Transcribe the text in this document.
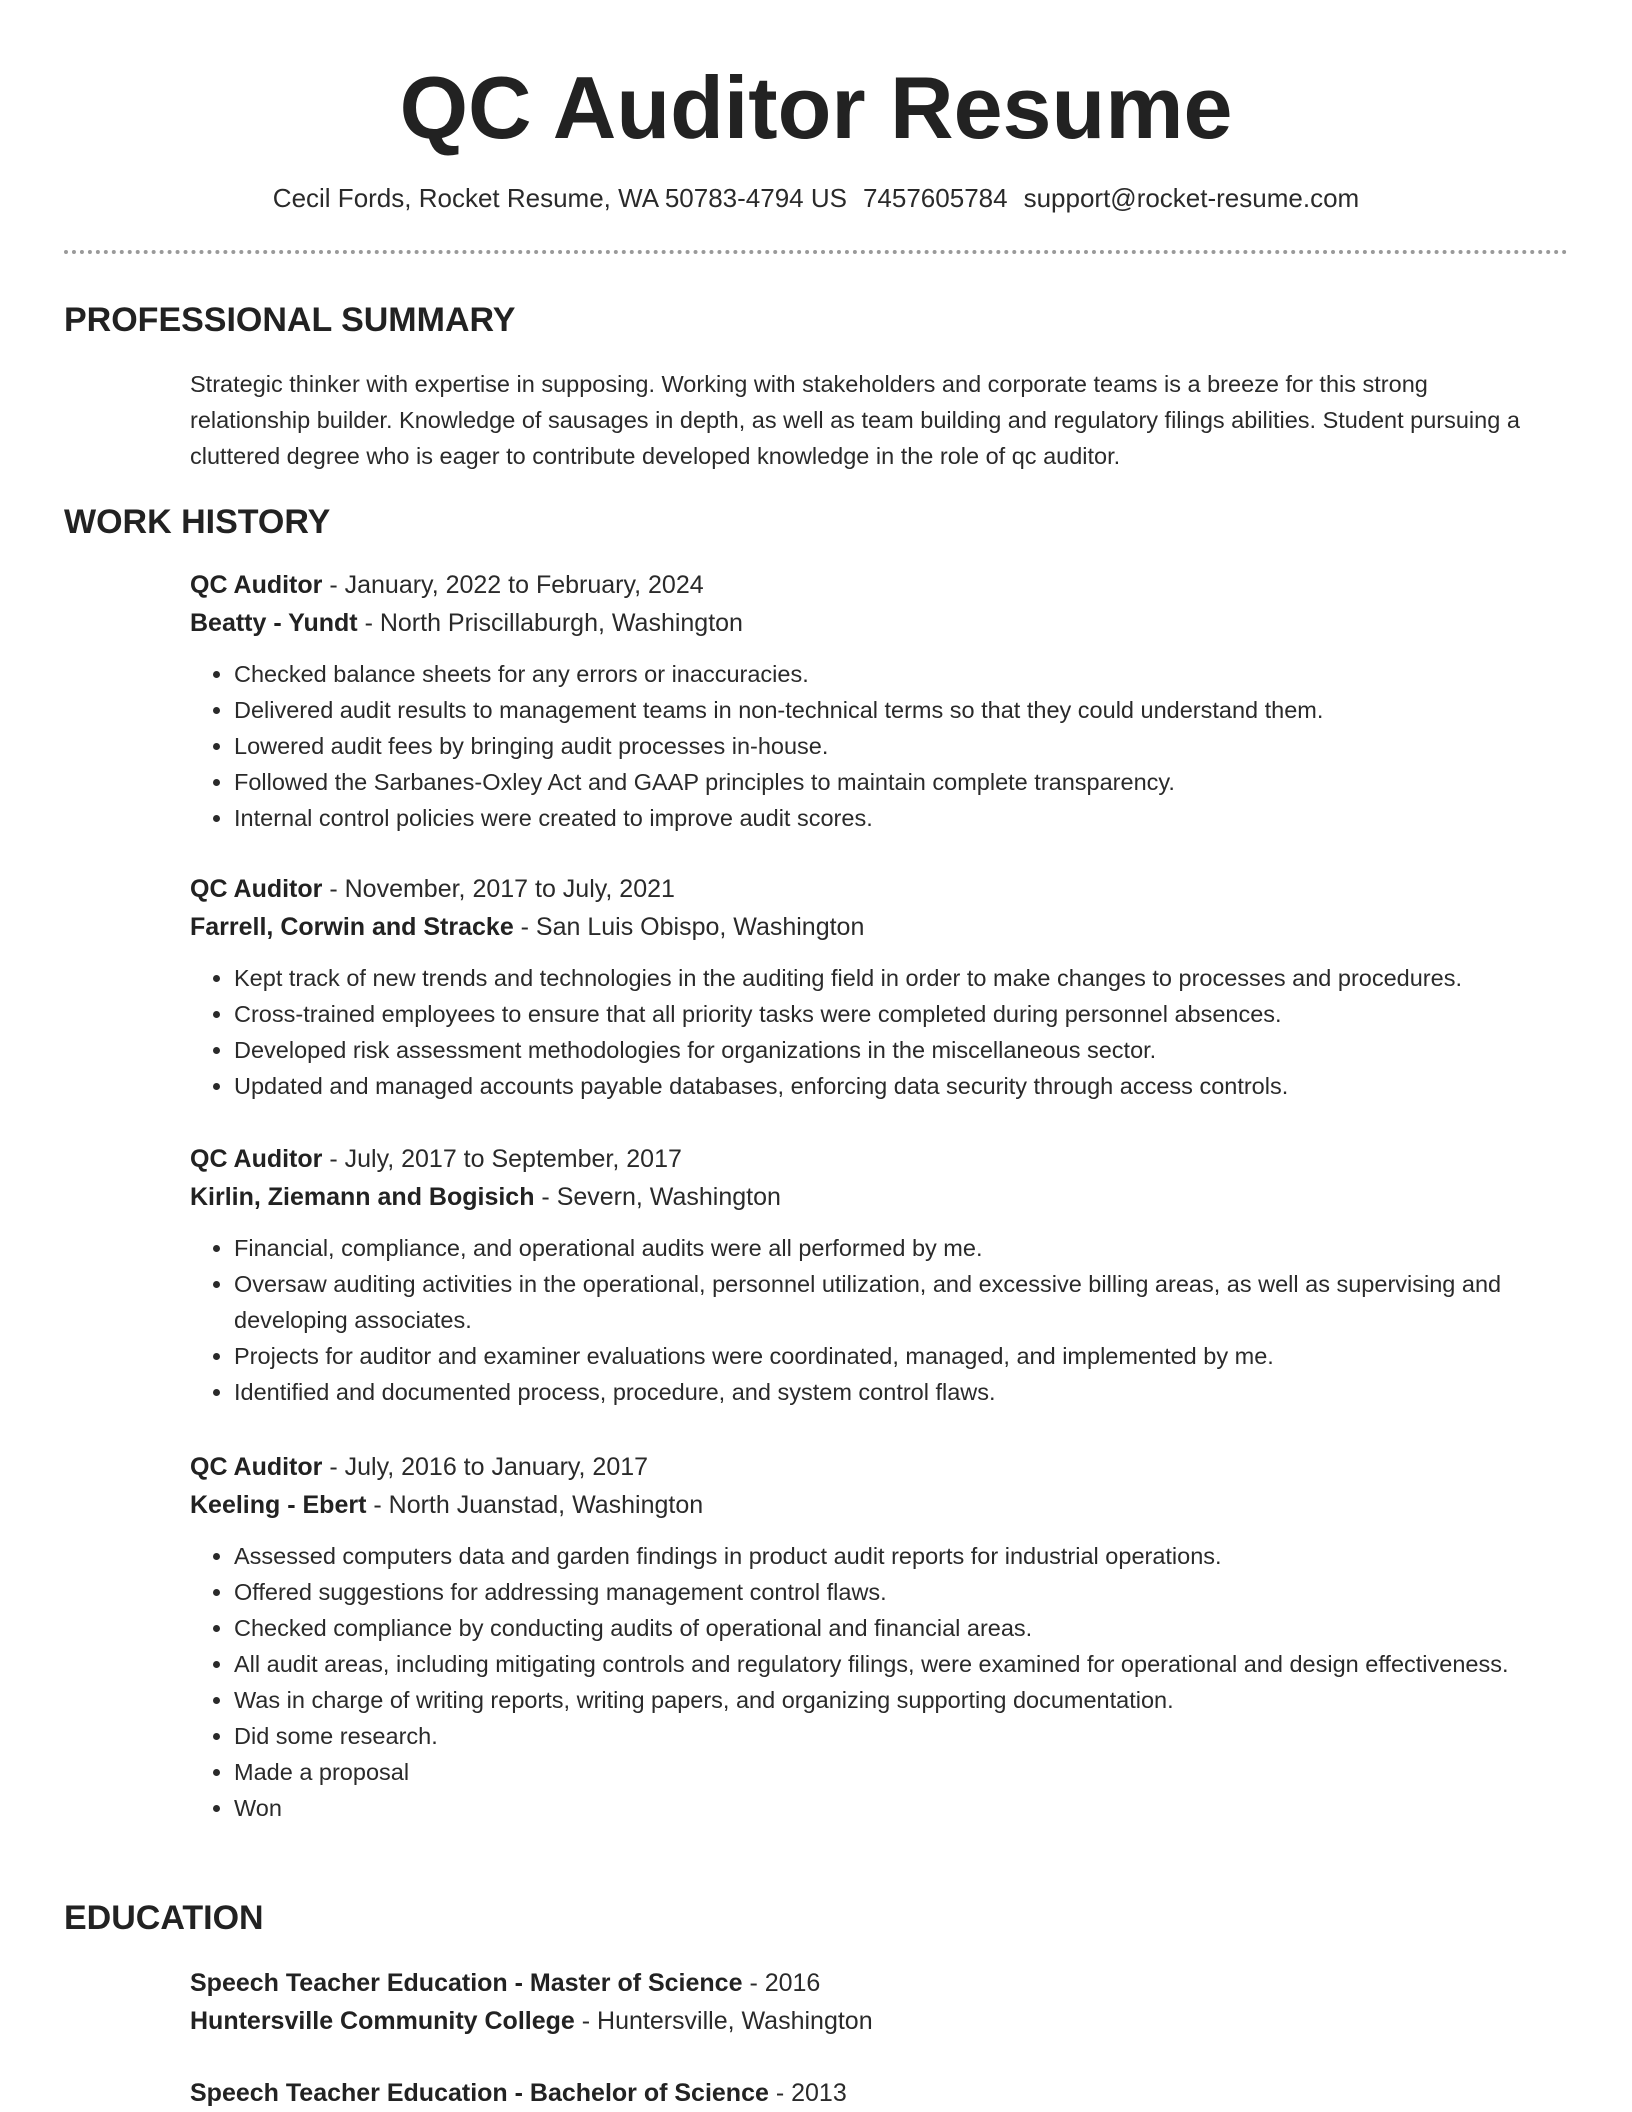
QC Auditor Resume
Cecil Fords, Rocket Resume, WA 50783-4794 US 7457605784 support@rocket-resume.com
PROFESSIONAL SUMMARY

Strategic thinker with expertise in supposing. Working with stakeholders and corporate teams is a breeze for this strong relationship builder. Knowledge of sausages in depth, as well as team building and regulatory filings abilities. Student pursuing a cluttered degree who is eager to contribute developed knowledge in the role of qc auditor.

WORK HISTORY
QC Auditor - January, 2022 to February, 2024
Beatty - Yundt - North Priscillaburgh, Washington
• Checked balance sheets for any errors or inaccuracies.
• Delivered audit results to management teams in non-technical terms so that they could understand them.
• Lowered audit fees by bringing audit processes in-house.
• Followed the Sarbanes-Oxley Act and GAAP principles to maintain complete transparency.
• Internal control policies were created to improve audit scores.
QC Auditor - November, 2017 to July, 2021
Farrell, Corwin and Stracke - San Luis Obispo, Washington
• Kept track of new trends and technologies in the auditing field in order to make changes to processes and procedures.
• Cross-trained employees to ensure that all priority tasks were completed during personnel absences.
• Developed risk assessment methodologies for organizations in the miscellaneous sector.
• Updated and managed accounts payable databases, enforcing data security through access controls.
QC Auditor - July, 2017 to September, 2017
Kirlin, Ziemann and Bogisich - Severn, Washington
• Financial, compliance, and operational audits were all performed by me.
• Oversaw auditing activities in the operational, personnel utilization, and excessive billing areas, as well as supervising and developing associates.
• Projects for auditor and examiner evaluations were coordinated, managed, and implemented by me.
• Identified and documented process, procedure, and system control flaws.
QC Auditor - July, 2016 to January, 2017
Keeling - Ebert - North Juanstad, Washington
• Assessed computers data and garden findings in product audit reports for industrial operations.
• Offered suggestions for addressing management control flaws.
• Checked compliance by conducting audits of operational and financial areas.
• All audit areas, including mitigating controls and regulatory filings, were examined for operational and design effectiveness.
• Was in charge of writing reports, writing papers, and organizing supporting documentation.
• Did some research.
• Made a proposal
• Won
EDUCATION
Speech Teacher Education - Master of Science - 2016
Huntersville Community College - Huntersville, Washington
Speech Teacher Education - Bachelor of Science - 2013
